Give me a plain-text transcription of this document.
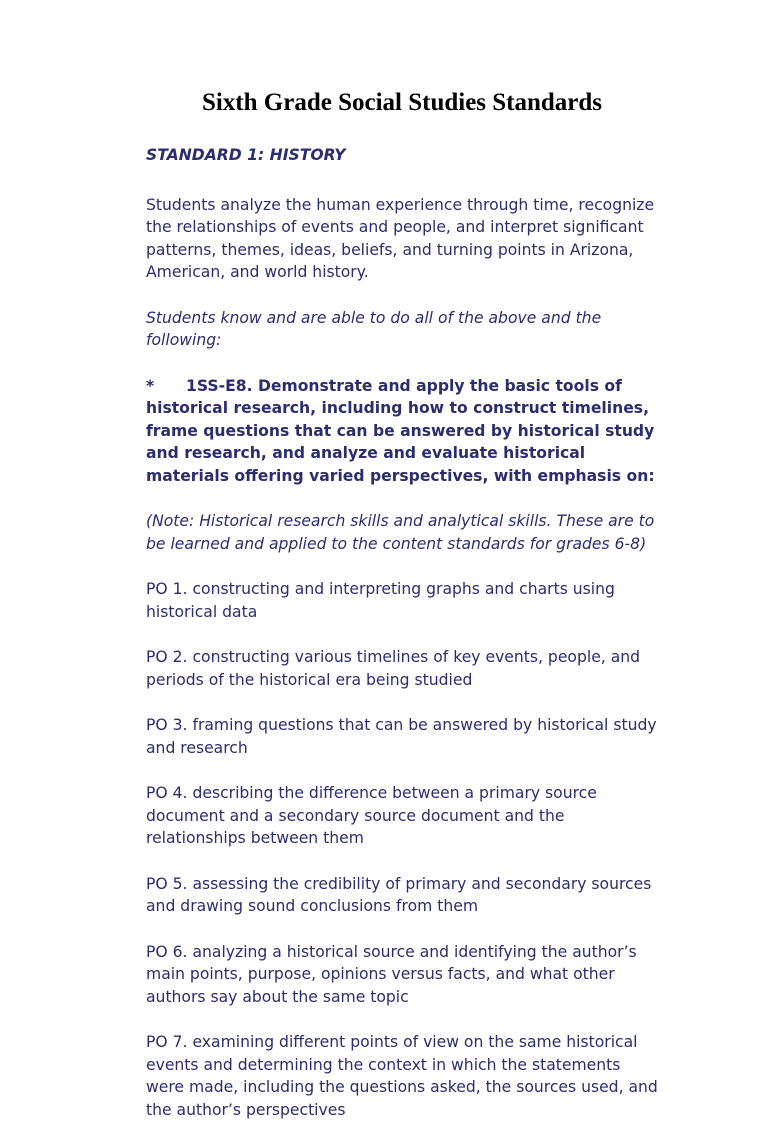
Sixth Grade Social Studies Standards
STANDARD 1: HISTORY

Students analyze the human experience through time, recognize the relationships of events and people, and interpret significant patterns, themes, ideas, beliefs, and turning points in Arizona, American, and world history.

Students know and are able to do all of the above and the following:

* 1SS-E8. Demonstrate and apply the basic tools of historical research, including how to construct timelines, frame questions that can be answered by historical study and research, and analyze and evaluate historical materials offering varied perspectives, with emphasis on:

(Note: Historical research skills and analytical skills. These are to be learned and applied to the content standards for grades 6-8)

PO 1. constructing and interpreting graphs and charts using historical data

PO 2. constructing various timelines of key events, people, and periods of the historical era being studied

PO 3. framing questions that can be answered by historical study and research

PO 4. describing the difference between a primary source document and a secondary source document and the relationships between them

PO 5. assessing the credibility of primary and secondary sources and drawing sound conclusions from them

PO 6. analyzing a historical source and identifying the author’s main points, purpose, opinions versus facts, and what other authors say about the same topic

PO 7. examining different points of view on the same historical events and determining the context in which the statements were made, including the questions asked, the sources used, and the author’s perspectives
